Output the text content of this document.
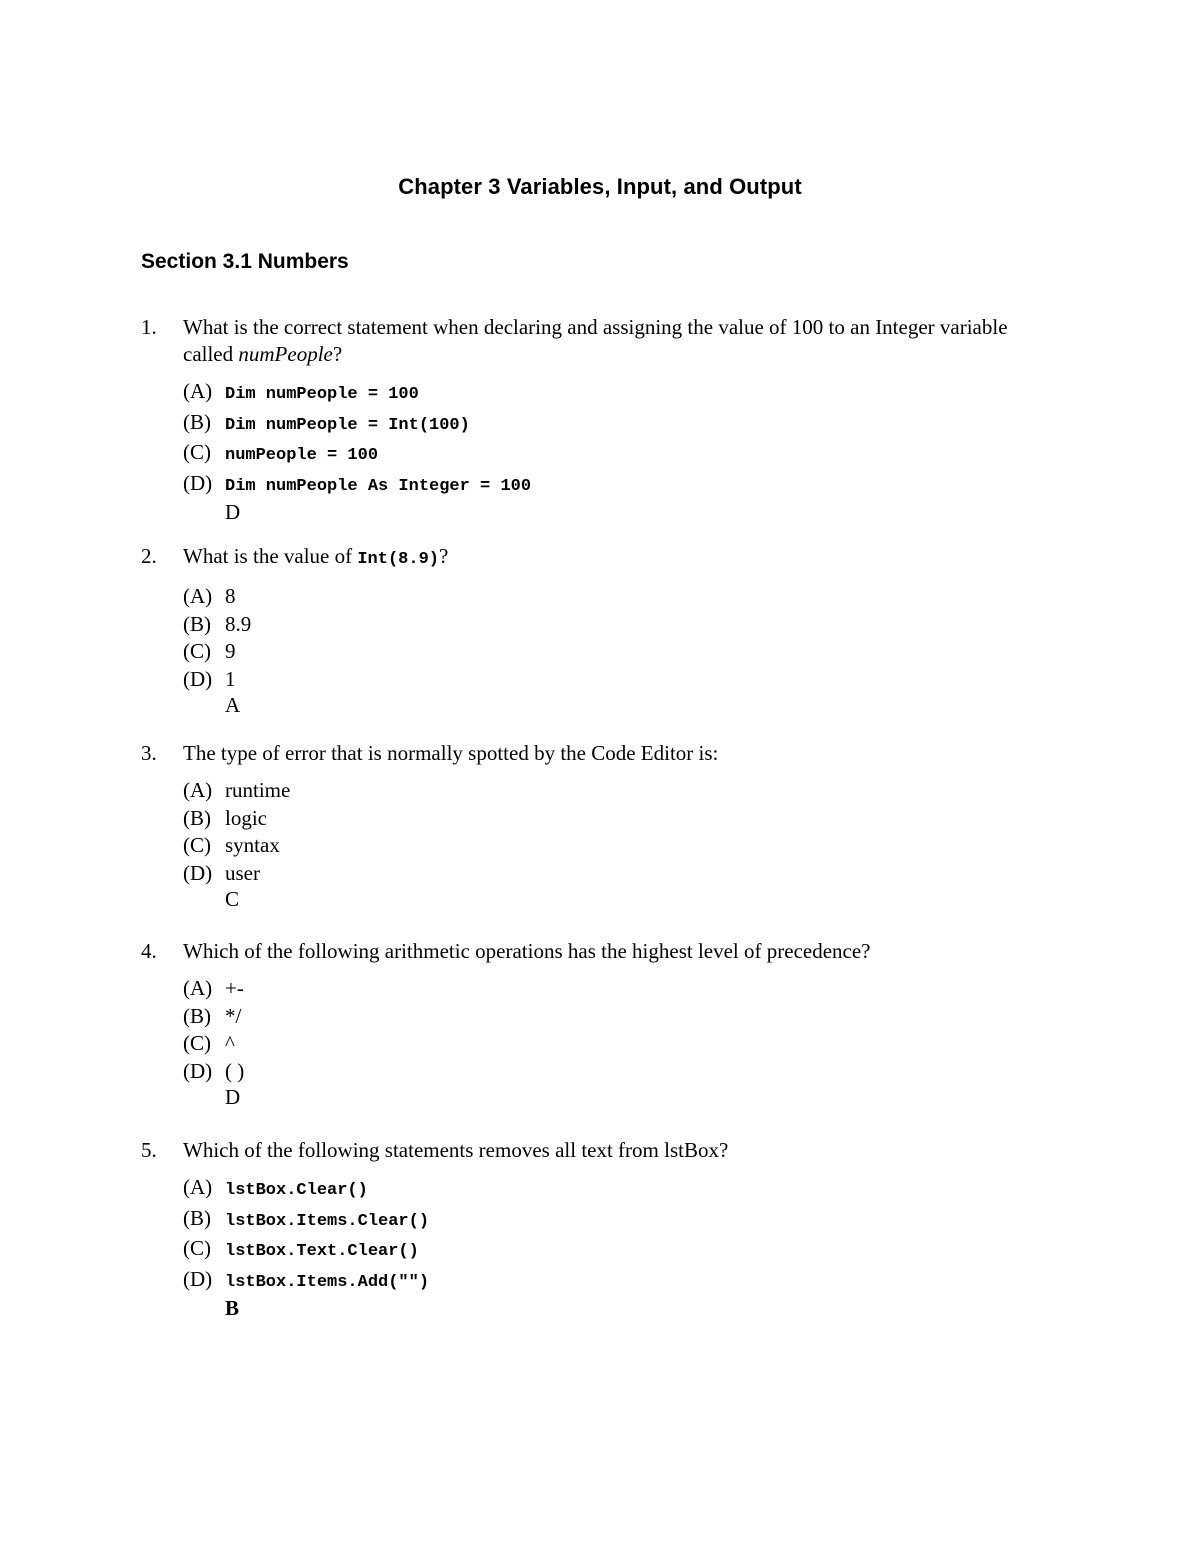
Chapter 3 Variables, Input, and Output
Section 3.1 Numbers
1.	What is the correct statement when declaring and assigning the value of 100 to an Integer variable called numPeople?
(A) Dim numPeople = 100
(B) Dim numPeople = Int(100)
(C) numPeople = 100
(D) Dim numPeople As Integer = 100
D
2.	What is the value of Int(8.9)?
(A) 8
(B) 8.9
(C) 9
(D) 1
A
3.	The type of error that is normally spotted by the Code Editor is:
(A) runtime
(B) logic
(C) syntax
(D) user
C
4.	Which of the following arithmetic operations has the highest level of precedence?
(A) +-
(B) */
(C) ^
(D) ( )
D
5.	Which of the following statements removes all text from lstBox?
(A) lstBox.Clear()
(B) lstBox.Items.Clear()
(C) lstBox.Text.Clear()
(D) lstBox.Items.Add("")
B
